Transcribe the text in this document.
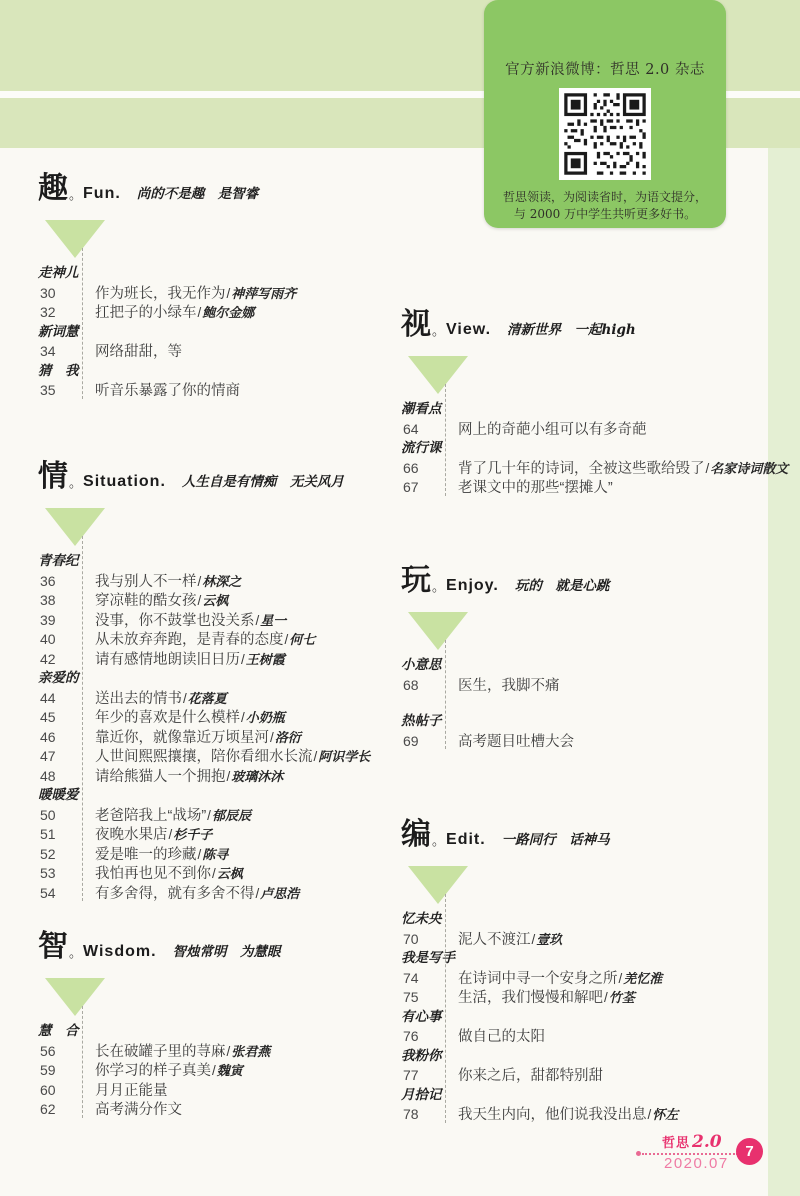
官方新浪微博：哲思 2.0 杂志
哲思领读，为阅读省时，为语文提分，
与 2000 万中学生共听更多好书。
趣 。 Fun. 尚的不是趣　是智睿
走神儿
30	作为班长，我无作为 / 神萍写雨齐
32	扛把子的小绿车 / 鲍尔金娜
新词慧
34	网络甜甜，等
猜　我
35	听音乐暴露了你的情商
情 。 Situation. 人生自是有情痴　无关风月
青春纪
36	我与别人不一样 / 林深之
38	穿凉鞋的酷女孩 / 云枫
39	没事，你不鼓掌也没关系 / 星一
40	从未放弃奔跑，是青春的态度 / 何七
42	请有感情地朗读旧日历 / 王树霞
亲爱的
44	送出去的情书 / 花落夏
45	年少的喜欢是什么模样 / 小奶瓶
46	靠近你，就像靠近万顷星河 / 洛衍
47	人世间熙熙攘攘，陪你看细水长流 / 阿识学长
48	请给熊猫人一个拥抱 / 玻璃沐沐
暖暖爱
50	老爸陪我上“战场” / 郁辰辰
51	夜晚水果店 / 杉千子
52	爱是唯一的珍藏 / 陈寻
53	我怕再也见不到你 / 云枫
54	有多舍得，就有多舍不得 / 卢思浩
智 。 Wisdom. 智烛常明　为慧眼
慧　合
56	长在破罐子里的荨麻 / 张君燕
59	你学习的样子真美 / 魏寅
60	月月正能量
62	高考满分作文
视 。 View. 清新世界　一起high
潮看点
64	网上的奇葩小组可以有多奇葩
流行课
66	背了几十年的诗词，全被这些歌给毁了 / 名家诗词散文
67	老课文中的那些“摆摊人”
玩 。 Enjoy. 玩的　就是心跳
小意思
68	医生，我脚不痛
热帖子
69	高考题目吐槽大会
编 。 Edit. 一路同行　话神马
忆未央
70	泥人不渡江 / 壹玖
我是写手
74	在诗词中寻一个安身之所 / 羌忆淮
75	生活，我们慢慢和解吧 / 竹荃
有心事
76	做自己的太阳
我粉你
77	你来之后，甜都特别甜
月拾记
78	我天生内向，他们说我没出息 / 怀左
哲思 2.0
2020.07
7
